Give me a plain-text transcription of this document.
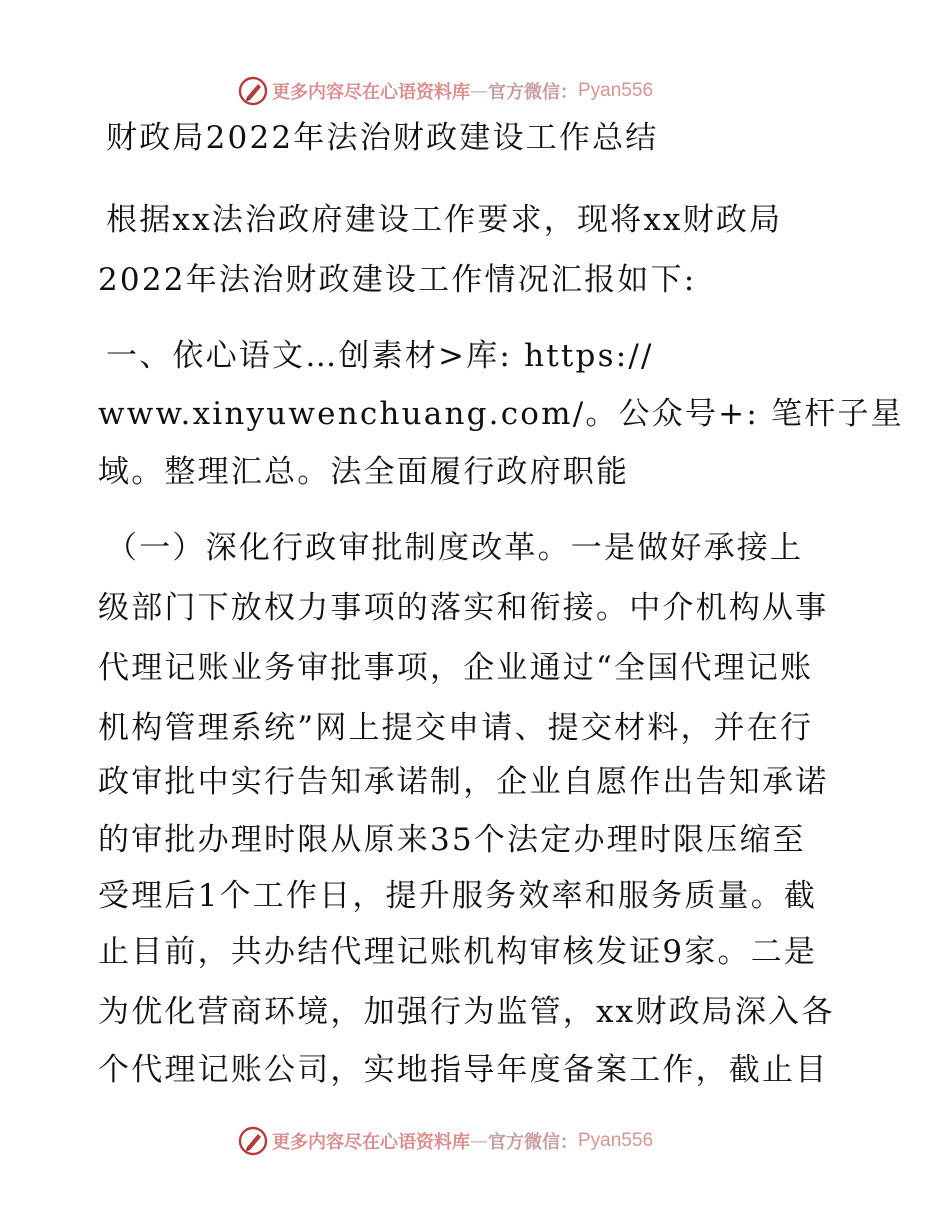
更多内容尽在心语资料库 — 官方微信： Pyan556
财政局2022年法治财政建设工作总结
根据xx法治政府建设工作要求，现将xx财政局
2022年法治财政建设工作情况汇报如下:
一、依心语文…创素材>库: https://
www.xinyuwenchuang.com/。公众号+: 笔杆子星
域。整理汇总。法全面履行政府职能
（一）深化行政审批制度改革。一是做好承接上
级部门下放权力事项的落实和衔接。中介机构从事
代理记账业务审批事项，企业通过“全国代理记账
机构管理系统”网上提交申请、提交材料，并在行
政审批中实行告知承诺制，企业自愿作出告知承诺
的审批办理时限从原来35个法定办理时限压缩至
受理后1个工作日，提升服务效率和服务质量。截
止目前，共办结代理记账机构审核发证9家。二是
为优化营商环境，加强行为监管，xx财政局深入各
个代理记账公司，实地指导年度备案工作，截止目
更多内容尽在心语资料库 — 官方微信： Pyan556
